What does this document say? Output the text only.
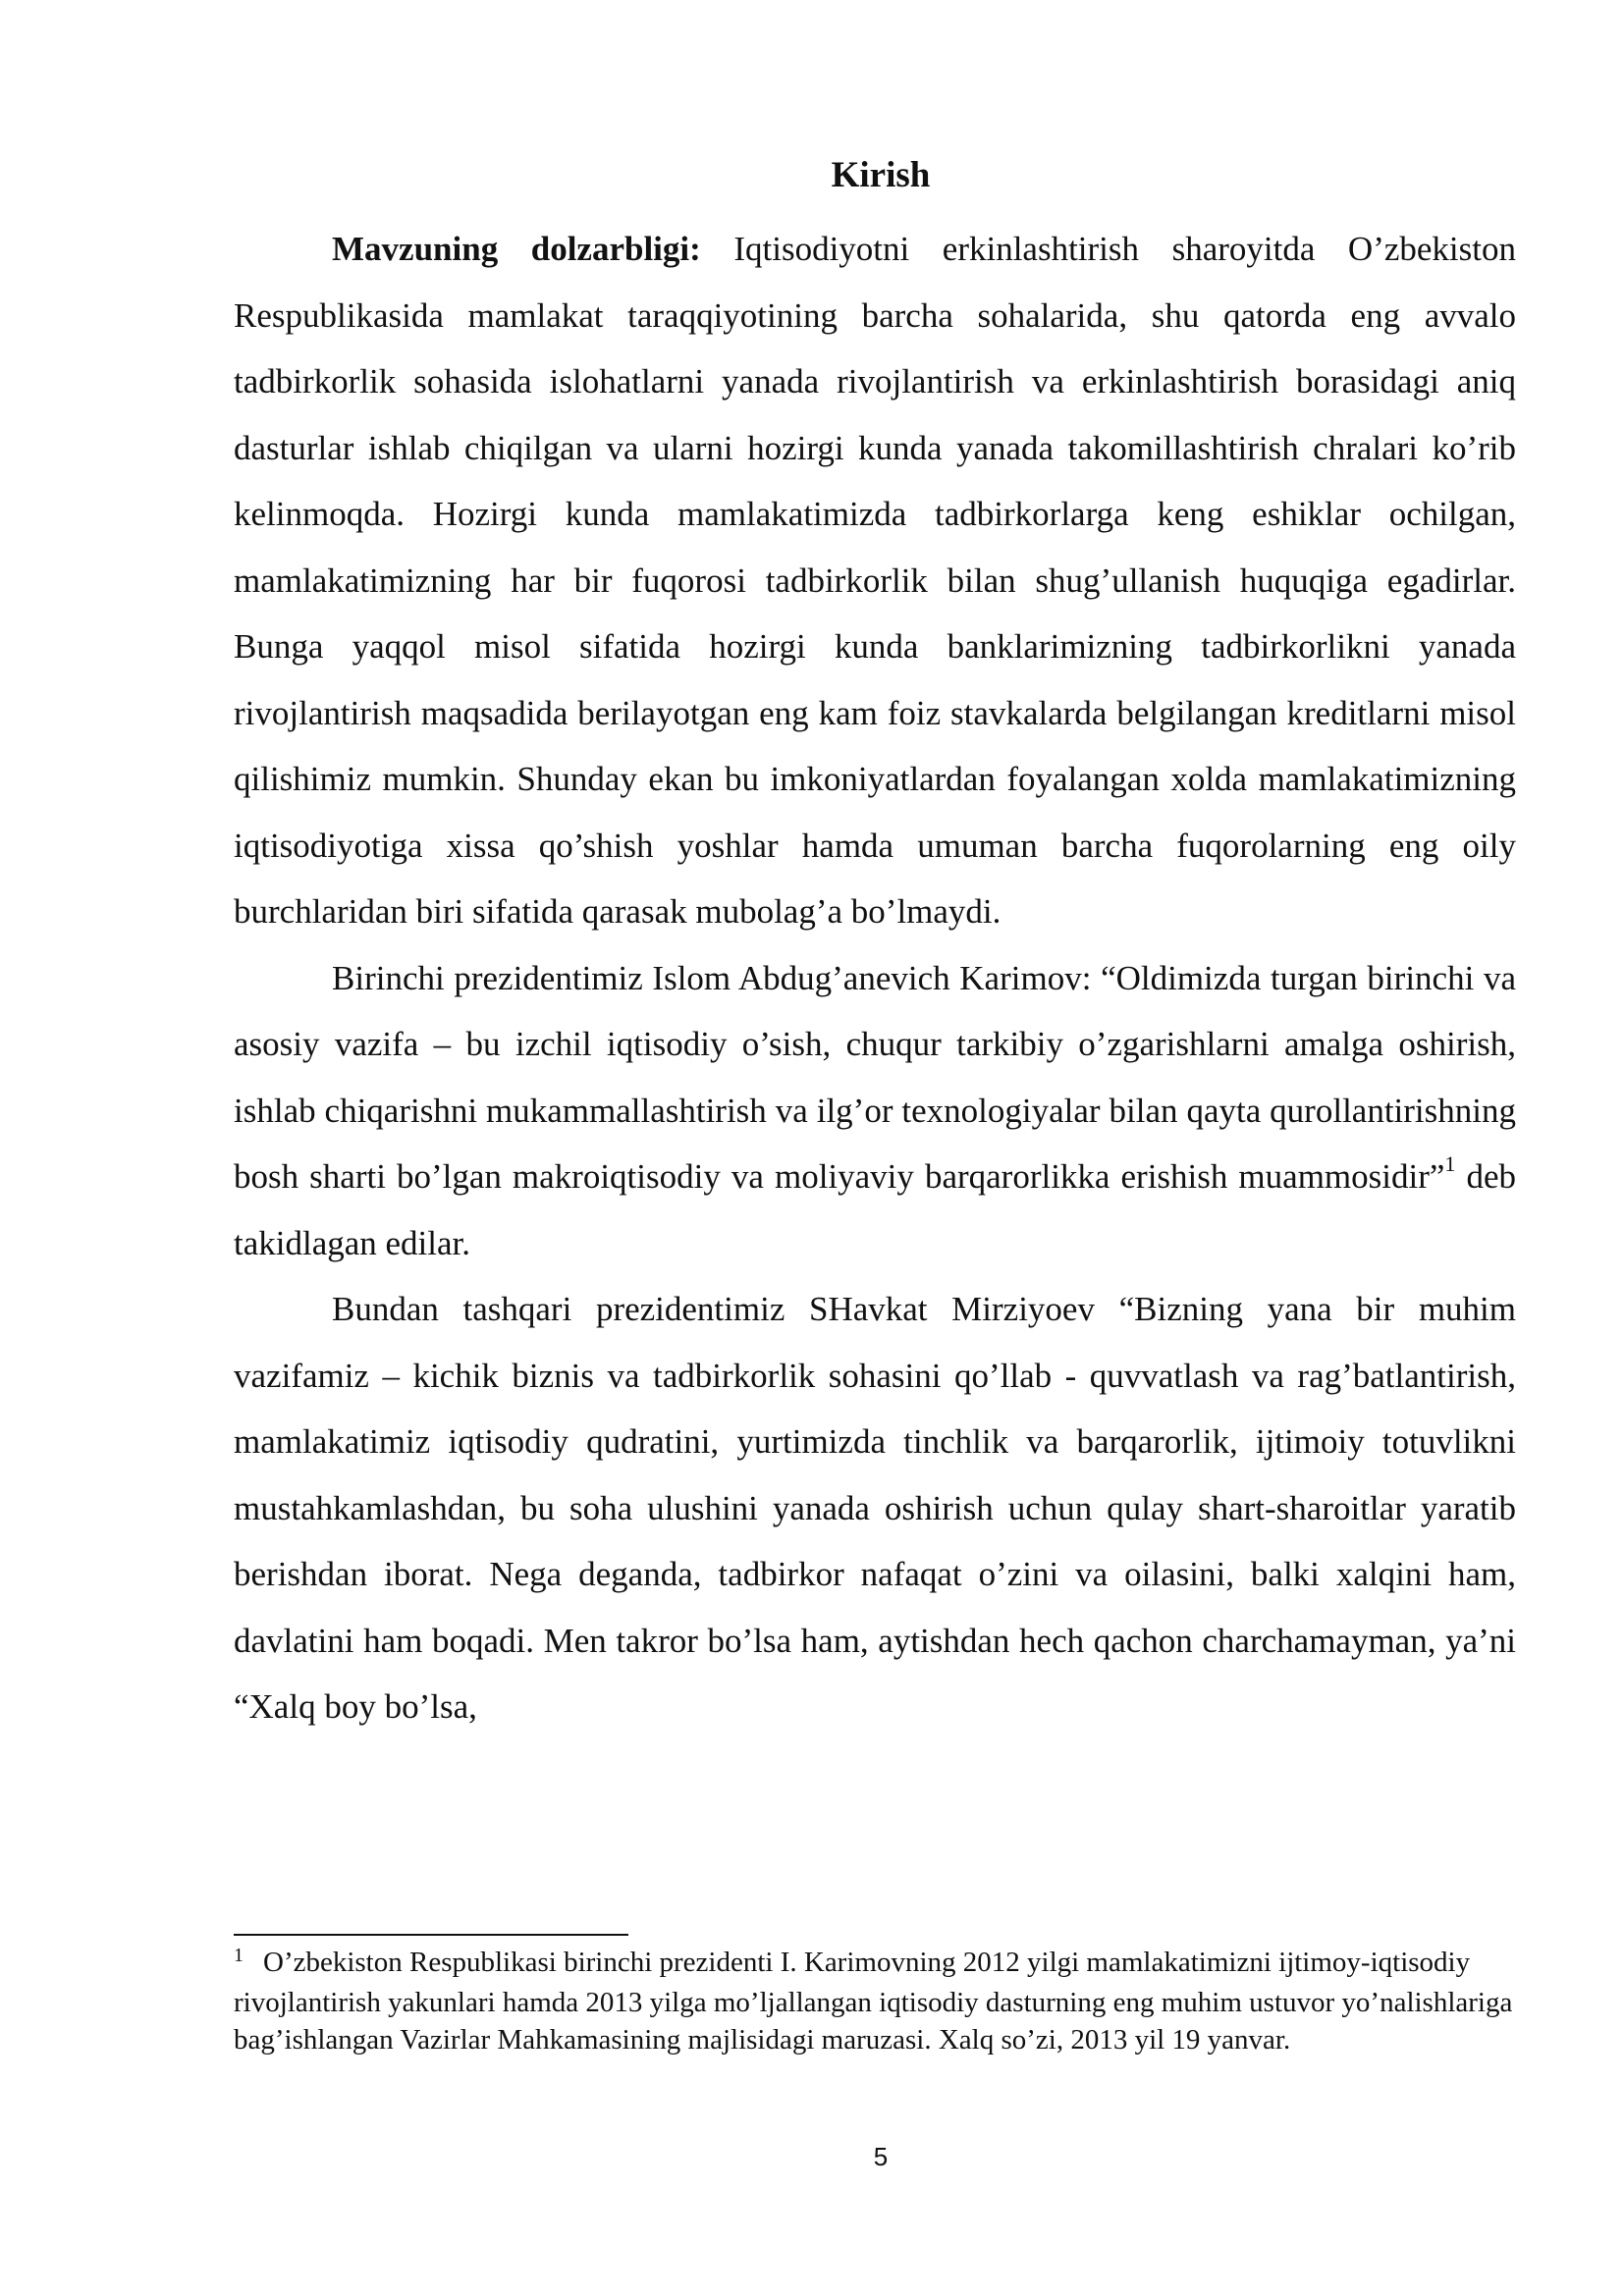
Kirish

Mavzuning dolzarbligi: Iqtisodiyotni erkinlashtirish sharoyitda O’zbekiston Respublikasida mamlakat taraqqiyotining barcha sohalarida, shu qatorda eng avvalo tadbirkorlik sohasida islohatlarni yanada rivojlantirish va erkinlashtirish borasidagi aniq dasturlar ishlab chiqilgan va ularni hozirgi kunda yanada takomillashtirish chralari ko’rib kelinmoqda. Hozirgi kunda mamlakatimizda tadbirkorlarga keng eshiklar ochilgan, mamlakatimizning har bir fuqorosi tadbirkorlik bilan shug’ullanish huquqiga egadirlar. Bunga yaqqol misol sifatida hozirgi kunda banklarimizning tadbirkorlikni yanada rivojlantirish maqsadida berilayotgan eng kam foiz stavkalarda belgilangan kreditlarni misol qilishimiz mumkin. Shunday ekan bu imkoniyatlardan foyalangan xolda mamlakatimizning iqtisodiyotiga xissa qo’shish yoshlar hamda umuman barcha fuqorolarning eng oily burchlaridan biri sifatida qarasak mubolag’a bo’lmaydi.

Birinchi prezidentimiz Islom Abdug’anevich Karimov: “Oldimizda turgan birinchi va asosiy vazifa – bu izchil iqtisodiy o’sish, chuqur tarkibiy o’zgarishlarni amalga oshirish, ishlab chiqarishni mukammallashtirish va ilg’or texnologiyalar bilan qayta qurollantirishning bosh sharti bo’lgan makroiqtisodiy va moliyaviy barqarorlikka erishish muammosidir”$^1$ deb takidlagan edilar.

Bundan tashqari prezidentimiz SHavkat Mirziyoev “Bizning yana bir muhim vazifamiz – kichik biznis va tadbirkorlik sohasini qo’llab - quvvatlash va rag’batlantirish, mamlakatimiz iqtisodiy qudratini, yurtimizda tinchlik va barqarorlik, ijtimoiy totuvlikni mustahkamlashdan, bu soha ulushini yanada oshirish uchun qulay shart-sharoitlar yaratib berishdan iborat. Nega deganda, tadbirkor nafaqat o’zini va oilasini, balki xalqini ham, davlatini ham boqadi. Men takror bo’lsa ham, aytishdan hech qachon charchamayman, ya’ni “Xalq boy bo’lsa,

$^1$ O’zbekiston Respublikasi birinchi prezidenti I. Karimovning 2012 yilgi mamlakatimizni ijtimoy-iqtisodiy rivojlantirish yakunlari hamda 2013 yilga mo’ljallangan iqtisodiy dasturning eng muhim ustuvor yo’nalishlariga bag’ishlangan Vazirlar Mahkamasining majlisidagi maruzasi. Xalq so’zi, 2013 yil 19 yanvar.
5
